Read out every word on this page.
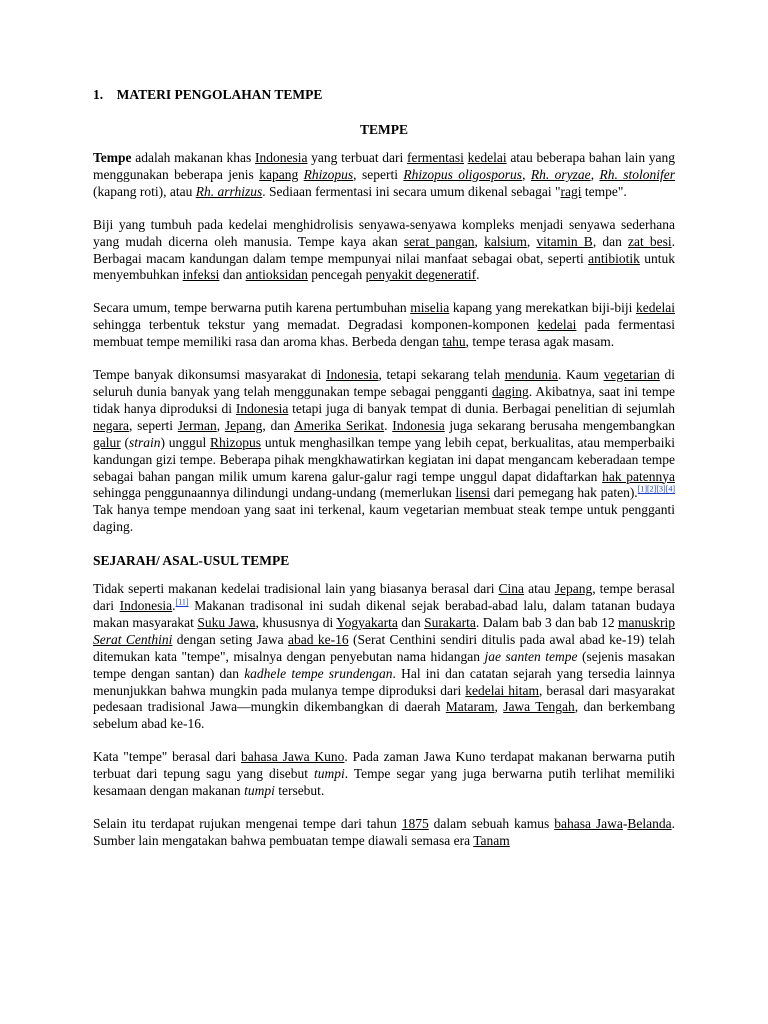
1.    MATERI PENGOLAHAN TEMPE
TEMPE

Tempe adalah makanan khas Indonesia yang terbuat dari fermentasi kedelai atau beberapa bahan lain yang menggunakan beberapa jenis kapang Rhizopus, seperti Rhizopus oligosporus, Rh. oryzae, Rh. stolonifer (kapang roti), atau Rh. arrhizus. Sediaan fermentasi ini secara umum dikenal sebagai "ragi tempe".

Biji yang tumbuh pada kedelai menghidrolisis senyawa-senyawa kompleks menjadi senyawa sederhana yang mudah dicerna oleh manusia. Tempe kaya akan serat pangan, kalsium, vitamin B, dan zat besi. Berbagai macam kandungan dalam tempe mempunyai nilai manfaat sebagai obat, seperti antibiotik untuk menyembuhkan infeksi dan antioksidan pencegah penyakit degeneratif.

Secara umum, tempe berwarna putih karena pertumbuhan miselia kapang yang merekatkan biji-biji kedelai sehingga terbentuk tekstur yang memadat. Degradasi komponen-komponen kedelai pada fermentasi membuat tempe memiliki rasa dan aroma khas. Berbeda dengan tahu, tempe terasa agak masam.

Tempe banyak dikonsumsi masyarakat di Indonesia, tetapi sekarang telah mendunia. Kaum vegetarian di seluruh dunia banyak yang telah menggunakan tempe sebagai pengganti daging. Akibatnya, saat ini tempe tidak hanya diproduksi di Indonesia tetapi juga di banyak tempat di dunia. Berbagai penelitian di sejumlah negara, seperti Jerman, Jepang, dan Amerika Serikat. Indonesia juga sekarang berusaha mengembangkan galur (strain) unggul Rhizopus untuk menghasilkan tempe yang lebih cepat, berkualitas, atau memperbaiki kandungan gizi tempe. Beberapa pihak mengkhawatirkan kegiatan ini dapat mengancam keberadaan tempe sebagai bahan pangan milik umum karena galur-galur ragi tempe unggul dapat didaftarkan hak patennya sehingga penggunaannya dilindungi undang-undang (memerlukan lisensi dari pemegang hak paten).[1][2][3][4] Tak hanya tempe mendoan yang saat ini terkenal, kaum vegetarian membuat steak tempe untuk pengganti daging.

SEJARAH/ ASAL-USUL TEMPE

Tidak seperti makanan kedelai tradisional lain yang biasanya berasal dari Cina atau Jepang, tempe berasal dari Indonesia.[11] Makanan tradisonal ini sudah dikenal sejak berabad-abad lalu, dalam tatanan budaya makan masyarakat Suku Jawa, khususnya di Yogyakarta dan Surakarta. Dalam bab 3 dan bab 12 manuskrip Serat Centhini dengan seting Jawa abad ke-16 (Serat Centhini sendiri ditulis pada awal abad ke-19) telah ditemukan kata "tempe", misalnya dengan penyebutan nama hidangan jae santen tempe (sejenis masakan tempe dengan santan) dan kadhele tempe srundengan. Hal ini dan catatan sejarah yang tersedia lainnya menunjukkan bahwa mungkin pada mulanya tempe diproduksi dari kedelai hitam, berasal dari masyarakat pedesaan tradisional Jawa—mungkin dikembangkan di daerah Mataram, Jawa Tengah, dan berkembang sebelum abad ke-16.

Kata "tempe" berasal dari bahasa Jawa Kuno. Pada zaman Jawa Kuno terdapat makanan berwarna putih terbuat dari tepung sagu yang disebut tumpi. Tempe segar yang juga berwarna putih terlihat memiliki kesamaan dengan makanan tumpi tersebut.

Selain itu terdapat rujukan mengenai tempe dari tahun 1875 dalam sebuah kamus bahasa Jawa-Belanda. Sumber lain mengatakan bahwa pembuatan tempe diawali semasa era Tanam
